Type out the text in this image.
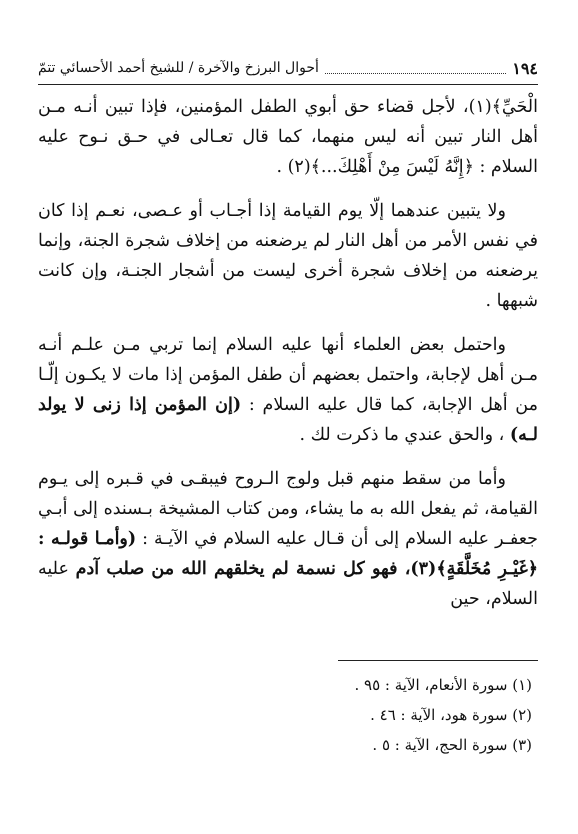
١٩٤
أحوال البرزخ والآخرة / للشيخ أحمد الأحسائي تتمّ

الْحَيِّ﴾(١)، لأجل قضاء حق أبوي الطفل المؤمنين، فإذا تبين أنـه مـن أهل النار تبين أنه ليس منهما، كما قال تعـالى في حـق نـوح عليه السلام : ﴿إِنَّهُ لَيْسَ مِنْ أَهْلِكَ...﴾(٢) .

ولا يتبين عندهما إلّا يوم القيامة إذا أجـاب أو عـصى، نعـم إذا كان في نفس الأمر من أهل النار لم يرضعنه من إخلاف شجرة الجنة، وإنما يرضعنه من إخلاف شجرة أخرى ليست من أشجار الجنـة، وإن كانت شبهها .

واحتمل بعض العلماء أنها عليه السلام إنما تربي مـن علـم أنـه مـن أهل لإجابة، واحتمل بعضهم أن طفل المؤمن إذا مات لا يكـون إلّـا من أهل الإجابة، كما قال عليه السلام : (إن المؤمن إذا زنى لا يولد لـه) ، والحق عندي ما ذكرت لك .

وأما من سقط منهم قبل ولوج الـروح فيبقـى في قـبره إلى يـوم القيامة، ثم يفعل الله به ما يشاء، ومن كتاب المشيخة بـسنده إلى أبـي جعفـر عليه السلام إلى أن قـال عليه السلام في الآيـة : (وأمـا قولـه : ﴿غَيْـرِ مُخَلَّقَةٍ﴾(٣)، فهو كل نسمة لم يخلقهم الله من صلب آدم عليه السلام، حين

(١) سورة الأنعام، الآية : ٩٥ .

(٢) سورة هود، الآية : ٤٦ .

(٣) سورة الحج، الآية : ٥ .
